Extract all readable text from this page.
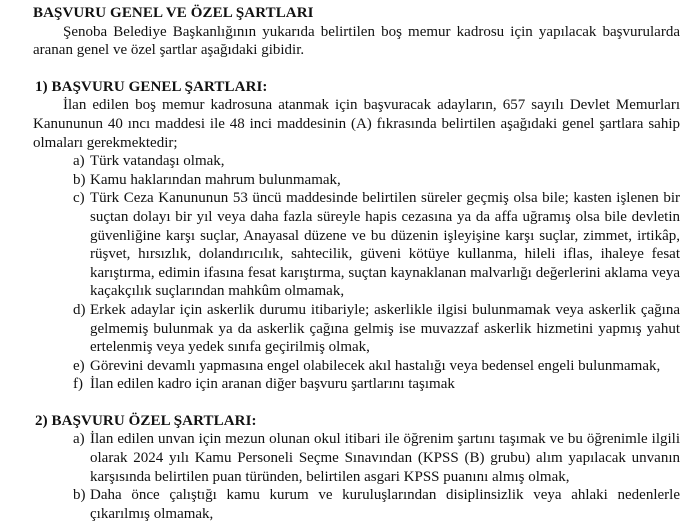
BAŞVURU GENEL VE ÖZEL ŞARTLARI

Şenoba Belediye Başkanlığının yukarıda belirtilen boş memur kadrosu için yapılacak başvurularda aranan genel ve özel şartlar aşağıdaki gibidir.

1) BAŞVURU GENEL ŞARTLARI:

İlan edilen boş memur kadrosuna atanmak için başvuracak adayların, 657 sayılı Devlet Memurları Kanununun 40 ıncı maddesi ile 48 inci maddesinin (A) fıkrasında belirtilen aşağıdaki genel şartlara sahip olmaları gerekmektedir;

a) Türk vatandaşı olmak,
b) Kamu haklarından mahrum bulunmamak,
c) Türk Ceza Kanununun 53 üncü maddesinde belirtilen süreler geçmiş olsa bile; kasten işlenen bir suçtan dolayı bir yıl veya daha fazla süreyle hapis cezasına ya da affa uğramış olsa bile devletin güvenliğine karşı suçlar, Anayasal düzene ve bu düzenin işleyişine karşı suçlar, zimmet, irtikâp, rüşvet, hırsızlık, dolandırıcılık, sahtecilik, güveni kötüye kullanma, hileli iflas, ihaleye fesat karıştırma, edimin ifasına fesat karıştırma, suçtan kaynaklanan malvarlığı değerlerini aklama veya kaçakçılık suçlarından mahkûm olmamak,
d) Erkek adaylar için askerlik durumu itibariyle; askerlikle ilgisi bulunmamak veya askerlik çağına gelmemiş bulunmak ya da askerlik çağına gelmiş ise muvazzaf askerlik hizmetini yapmış yahut ertelenmiş veya yedek sınıfa geçirilmiş olmak,
e) Görevini devamlı yapmasına engel olabilecek akıl hastalığı veya bedensel engeli bulunmamak,
f) İlan edilen kadro için aranan diğer başvuru şartlarını taşımak
2) BAŞVURU ÖZEL ŞARTLARI:
a) İlan edilen unvan için mezun olunan okul itibari ile öğrenim şartını taşımak ve bu öğrenimle ilgili olarak 2024 yılı Kamu Personeli Seçme Sınavından (KPSS (B) grubu) alım yapılacak unvanın karşısında belirtilen puan türünden, belirtilen asgari KPSS puanını almış olmak,
b) Daha önce çalıştığı kamu kurum ve kuruluşlarından disiplinsizlik veya ahlaki nedenlerle çıkarılmış olmamak,
